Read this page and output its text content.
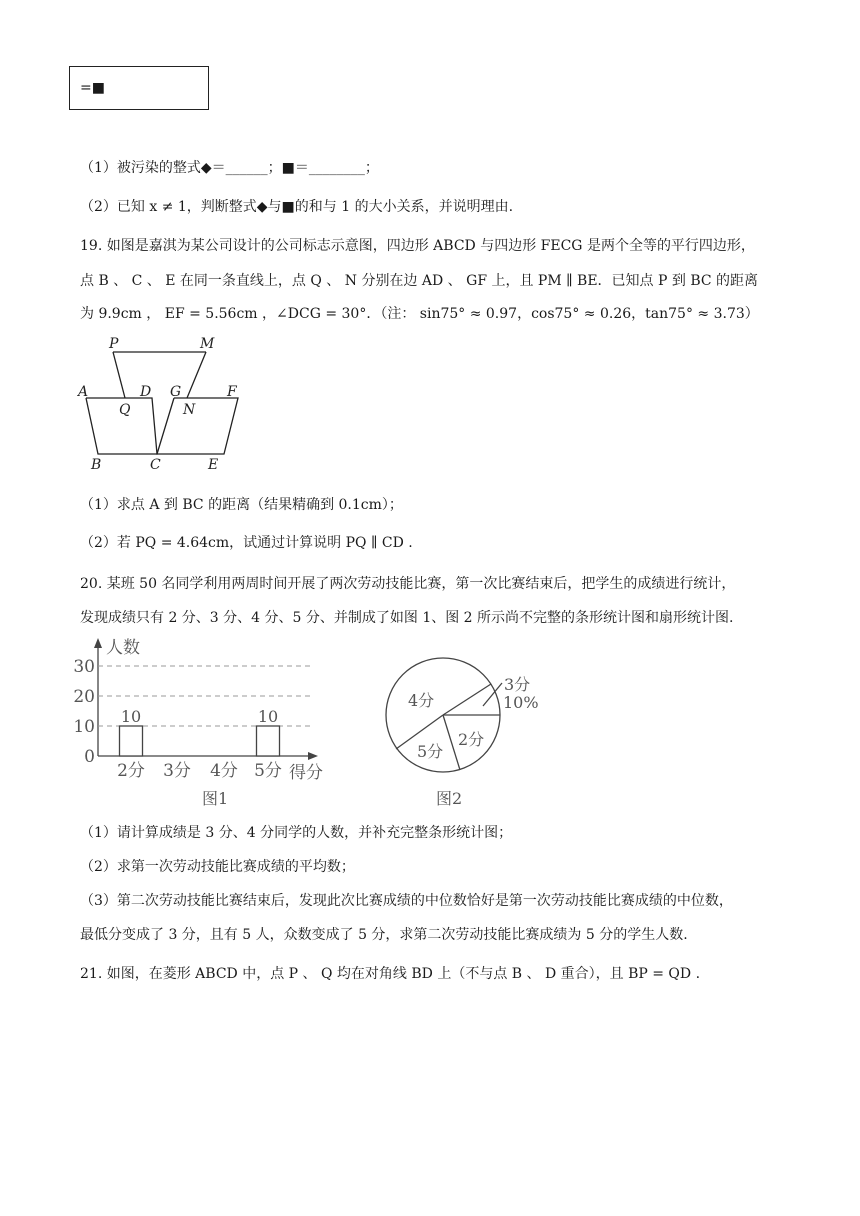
=■
（1）被污染的整式◆＝______；■＝________；
（2）已知 x ≠ 1，判断整式◆与■的和与 1 的大小关系，并说明理由.
19. 如图是嘉淇为某公司设计的公司标志示意图，四边形 ABCD 与四边形 FECG 是两个全等的平行四边形，
点 B 、 C 、 E 在同一条直线上，点 Q 、 N 分别在边 AD 、 GF 上，且 PM ∥ BE．已知点 P 到 BC 的距离
为 9.9cm ， EF = 5.56cm ，∠DCG = 30°．（注： sin75° ≈ 0.97，cos75° ≈ 0.26，tan75° ≈ 3.73）
P	M
A	D G	F
Q	N
B	C	E
（1）求点 A 到 BC 的距离（结果精确到 0.1cm）；
（2）若 PQ = 4.64cm，试通过计算说明 PQ ∥ CD .
20. 某班 50 名同学利用两周时间开展了两次劳动技能比赛，第一次比赛结束后，把学生的成绩进行统计，
发现成绩只有 2 分、3 分、4 分、5 分、并制成了如图 1、图 2 所示尚不完整的条形统计图和扇形统计图.
人数
得分
0
10
20
30
10
2分 3分 4分
10
5分
图1
4分
3分
10%
2分
5分
图2
（1）请计算成绩是 3 分、4 分同学的人数，并补充完整条形统计图；
（2）求第一次劳动技能比赛成绩的平均数；
（3）第二次劳动技能比赛结束后，发现此次比赛成绩的中位数恰好是第一次劳动技能比赛成绩的中位数，
最低分变成了 3 分，且有 5 人，众数变成了 5 分，求第二次劳动技能比赛成绩为 5 分的学生人数.
21. 如图，在菱形 ABCD 中，点 P 、 Q 均在对角线 BD 上（不与点 B 、 D 重合），且 BP = QD .
